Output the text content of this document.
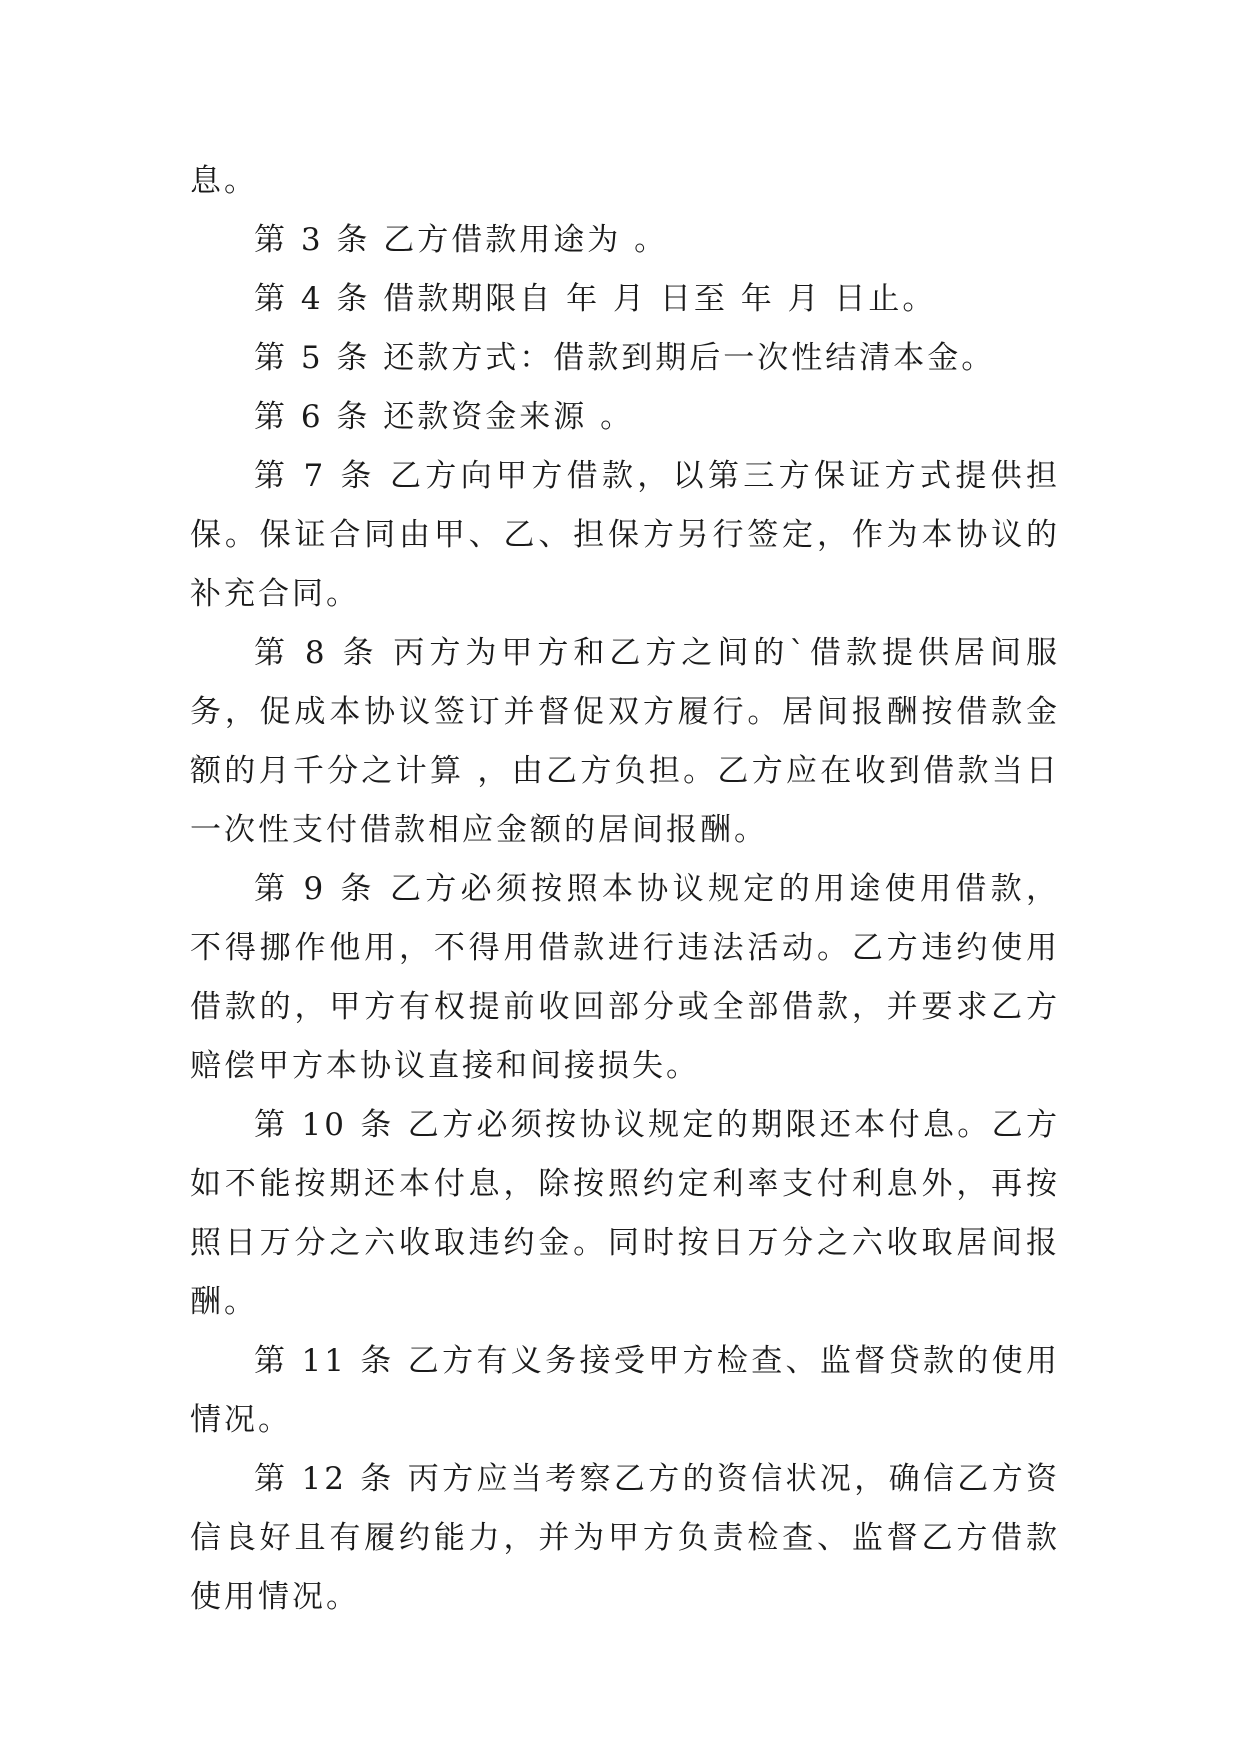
息。

第 3 条 乙方借款用途为 。

第 4 条 借款期限自 年 月 日至 年 月 日止。

第 5 条 还款方式：借款到期后一次性结清本金。

第 6 条 还款资金来源 。

第 7 条 乙方向甲方借款，以第三方保证方式提供担保。保证合同由甲、乙、担保方另行签定，作为本协议的补充合同。

第 8 条 丙方为甲方和乙方之间的`借款提供居间服务，促成本协议签订并督促双方履行。居间报酬按借款金额的月千分之计算 ，由乙方负担。乙方应在收到借款当日一次性支付借款相应金额的居间报酬。

第 9 条 乙方必须按照本协议规定的用途使用借款，不得挪作他用，不得用借款进行违法活动。乙方违约使用借款的，甲方有权提前收回部分或全部借款，并要求乙方赔偿甲方本协议直接和间接损失。

第 10 条 乙方必须按协议规定的期限还本付息。乙方如不能按期还本付息，除按照约定利率支付利息外，再按照日万分之六收取违约金。同时按日万分之六收取居间报酬。

第 11 条 乙方有义务接受甲方检查、监督贷款的使用情况。

第 12 条 丙方应当考察乙方的资信状况，确信乙方资信良好且有履约能力，并为甲方负责检查、监督乙方借款使用情况。
